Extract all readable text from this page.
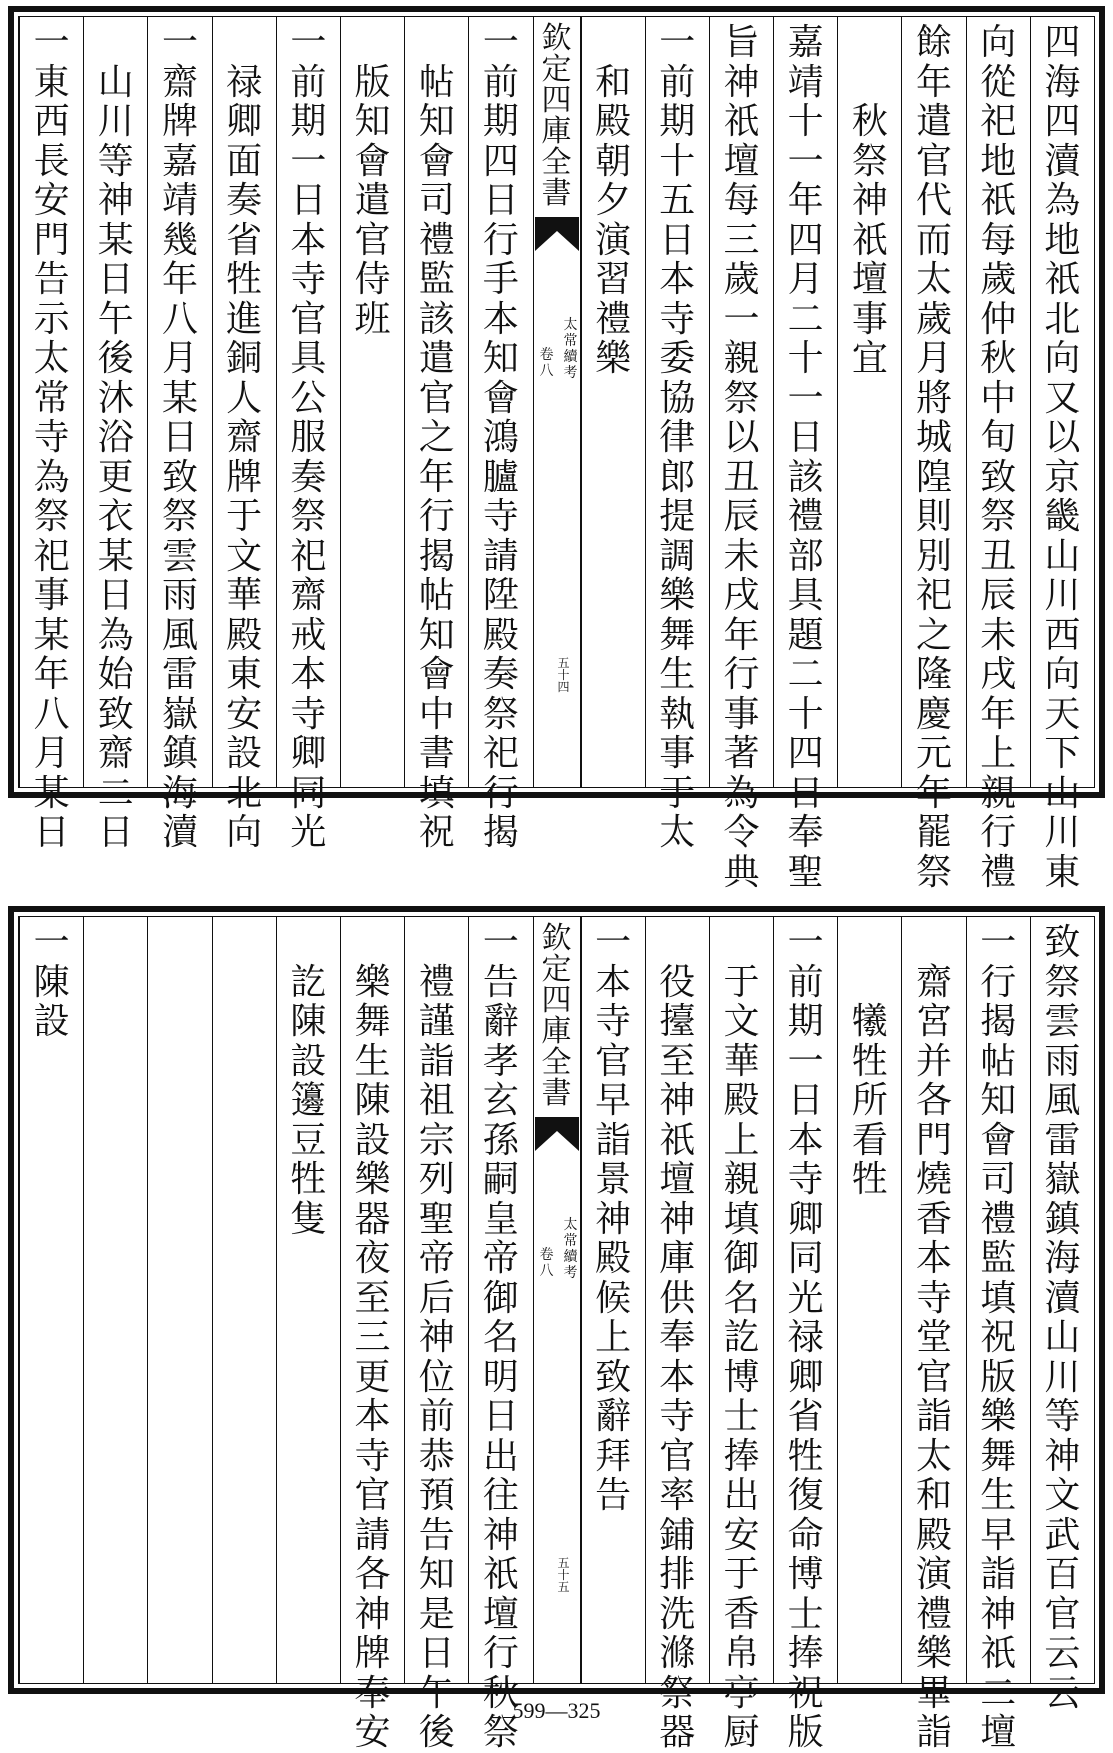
四
海
四
瀆
為
地
祇
北
向
又
以
京
畿
山
川
西
向
天
下
山
川
東
向
從
祀
地
祇
每
歲
仲
秋
中
旬
致
祭
丑
辰
未
戌
年
上
親
行
禮
餘
年
遣
官
代
而
太
歲
月
將
城
隍
則
別
祀
之
隆
慶
元
年
罷
祭

秋
祭
神
祇
壇
事
宜
嘉
靖
十
一
年
四
月
二
十
一
日
該
禮
部
具
題
二
十
四
日
奉
聖
旨
神
祇
壇
每
三
歲
一
親
祭
以
丑
辰
未
戌
年
行
事
著
為
令
典
一
前
期
十
五
日
本
寺
委
協
律
郎
提
調
樂
舞
生
執
事
于
太

和
殿
朝
夕
演
習
禮
樂
欽
定
四
庫
全
書
太
常
續
考
卷
八
五
十
四
一
前
期
四
日
行
手
本
知
會
鴻
臚
寺
請
陞
殿
奏
祭
祀
行
揭

帖
知
會
司
禮
監
該
遣
官
之
年
行
揭
帖
知
會
中
書
填
祝

版
知
會
遣
官
侍
班
一
前
期
一
日
本
寺
官
具
公
服
奏
祭
祀
齋
戒
本
寺
卿
同
光

禄
卿
面
奏
省
牲
進
銅
人
齋
牌
于
文
華
殿
東
安
設
北
向
一
齋
牌
嘉
靖
幾
年
八
月
某
日
致
祭
雲
雨
風
雷
嶽
鎮
海
瀆

山
川
等
神
某
日
午
後
沐
浴
更
衣
某
日
為
始
致
齋
二
日
一
東
西
長
安
門
告
示
太
常
寺
為
祭
祀
事
某
年
八
月
某
日
致
祭
雲
雨
風
雷
嶽
鎮
海
瀆
山
川
等
神
文
武
百
官
云
云
一
行
揭
帖
知
會
司
禮
監
填
祝
版
樂
舞
生
早
詣
神
祇
二
壇

齋
宮
并
各
門
燒
香
本
寺
堂
官
詣
太
和
殿
演
禮
樂
畢
詣

犧
牲
所
看
牲
一
前
期
一
日
本
寺
卿
同
光
禄
卿
省
牲
復
命
博
士
捧
祝
版

于
文
華
殿
上
親
填
御
名
訖
博
士
捧
出
安
于
香
帛
亭
厨

役
擡
至
神
祇
壇
神
庫
供
奉
本
寺
官
率
鋪
排
洗
滌
祭
器
一
本
寺
官
早
詣
景
神
殿
候
上
致
辭
拜
告
欽
定
四
庫
全
書
太
常
續
考
卷
八
五
十
五
一
告
辭
孝
玄
孫
嗣
皇
帝
御
名
明
日
出
往
神
祇
壇
行
秋
祭

禮
謹
詣
祖
宗
列
聖
帝
后
神
位
前
恭
預
告
知
是
日
午
後

樂
舞
生
陳
設
樂
器
夜
至
三
更
本
寺
官
請
各
神
牌
奉
安

訖
陳
設
籩
豆
牲
隻
一
陳
設
599—325
